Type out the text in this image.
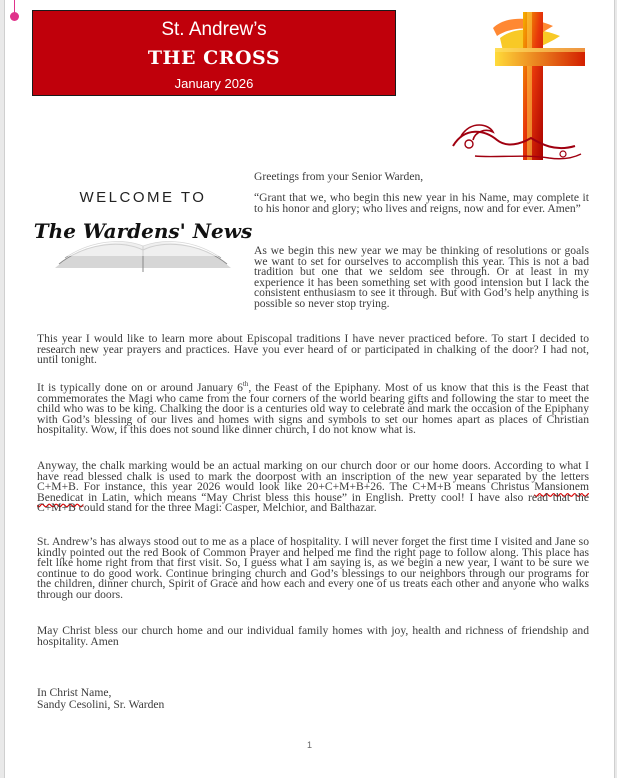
St. Andrew’s
THE CROSS
January 2026
WELCOME TO
The Wardens' News

Greetings from your Senior Warden,

“Grant that we, who begin this new year in his Name, may complete it to his honor and glory; who lives and reigns, now and for ever. Amen”

As we begin this new year we may be thinking of resolutions or goals we want to set for ourselves to accomplish this year. This is not a bad tradition but one that we seldom see through. Or at least in my experience it has been something set with good intension but I lack the consistent enthusiasm to see it through. But with God’s help anything is possible so never stop trying.

This year I would like to learn more about Episcopal traditions I have never practiced before. To start I decided to research new year prayers and practices. Have you ever heard of or participated in chalking of the door? I had not, until tonight.

It is typically done on or around January 6th, the Feast of the Epiphany. Most of us know that this is the Feast that commemorates the Magi who came from the four corners of the world bearing gifts and following the star to meet the child who was to be king. Chalking the door is a centuries old way to celebrate and mark the occasion of the Epiphany with God’s blessing of our lives and homes with signs and symbols to set our homes apart as places of Christian hospitality. Wow, if this does not sound like dinner church, I do not know what is.

Anyway, the chalk marking would be an actual marking on our church door or our home doors. According to what I have read blessed chalk is used to mark the doorpost with an inscription of the new year separated by the letters C+M+B. For instance, this year 2026 would look like 20+C+M+B+26. The C+M+B means Christus Mansionem Benedicat in Latin, which means “May Christ bless this house” in English. Pretty cool! I have also read that the C+M+B could stand for the three Magi: Casper, Melchior, and Balthazar.

St. Andrew’s has always stood out to me as a place of hospitality. I will never forget the first time I visited and Jane so kindly pointed out the red Book of Common Prayer and helped me find the right page to follow along. This place has felt like home right from that first visit. So, I guess what I am saying is, as we begin a new year, I want to be sure we continue to do good work. Continue bringing church and God’s blessings to our neighbors through our programs for the children, dinner church, Spirit of Grace and how each and every one of us treats each other and anyone who walks through our doors.

May Christ bless our church home and our individual family homes with joy, health and richness of friendship and hospitality. Amen

In Christ Name,

Sandy Cesolini, Sr. Warden

1
